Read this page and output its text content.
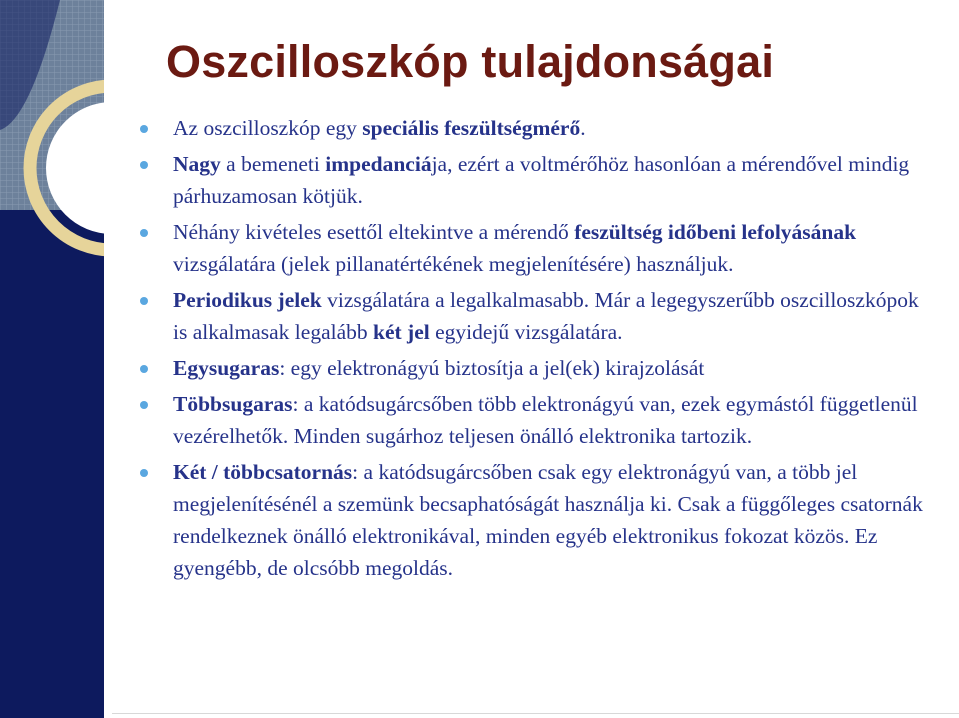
Oszcilloszkóp tulajdonságai
Az oszcilloszkóp egy speciális feszültségmérő.
Nagy a bemeneti impedanciája, ezért a voltmérőhöz hasonlóan a mérendővel mindig párhuzamosan kötjük.
Néhány kivételes esettől eltekintve a mérendő feszültség időbeni lefolyásának vizsgálatára (jelek pillanatértékének megjelenítésére) használjuk.
Periodikus jelek vizsgálatára a legalkalmasabb. Már a legegyszerűbb oszcilloszkópok is alkalmasak legalább két jel egyidejű vizsgálatára.
Egysugaras: egy elektronágyú biztosítja a jel(ek) kirajzolását
Többsugaras: a katódsugárcsőben több elektronágyú van, ezek egymástól függetlenül vezérelhetők. Minden sugárhoz teljesen önálló elektronika tartozik.
Két / többcsatornás: a katódsugárcsőben csak egy elektronágyú van, a több jel megjelenítésénél a szemünk becsaphatóságát használja ki. Csak a függőleges csatornák rendelkeznek önálló elektronikával, minden egyéb elektronikus fokozat közös. Ez gyengébb, de olcsóbb megoldás.
